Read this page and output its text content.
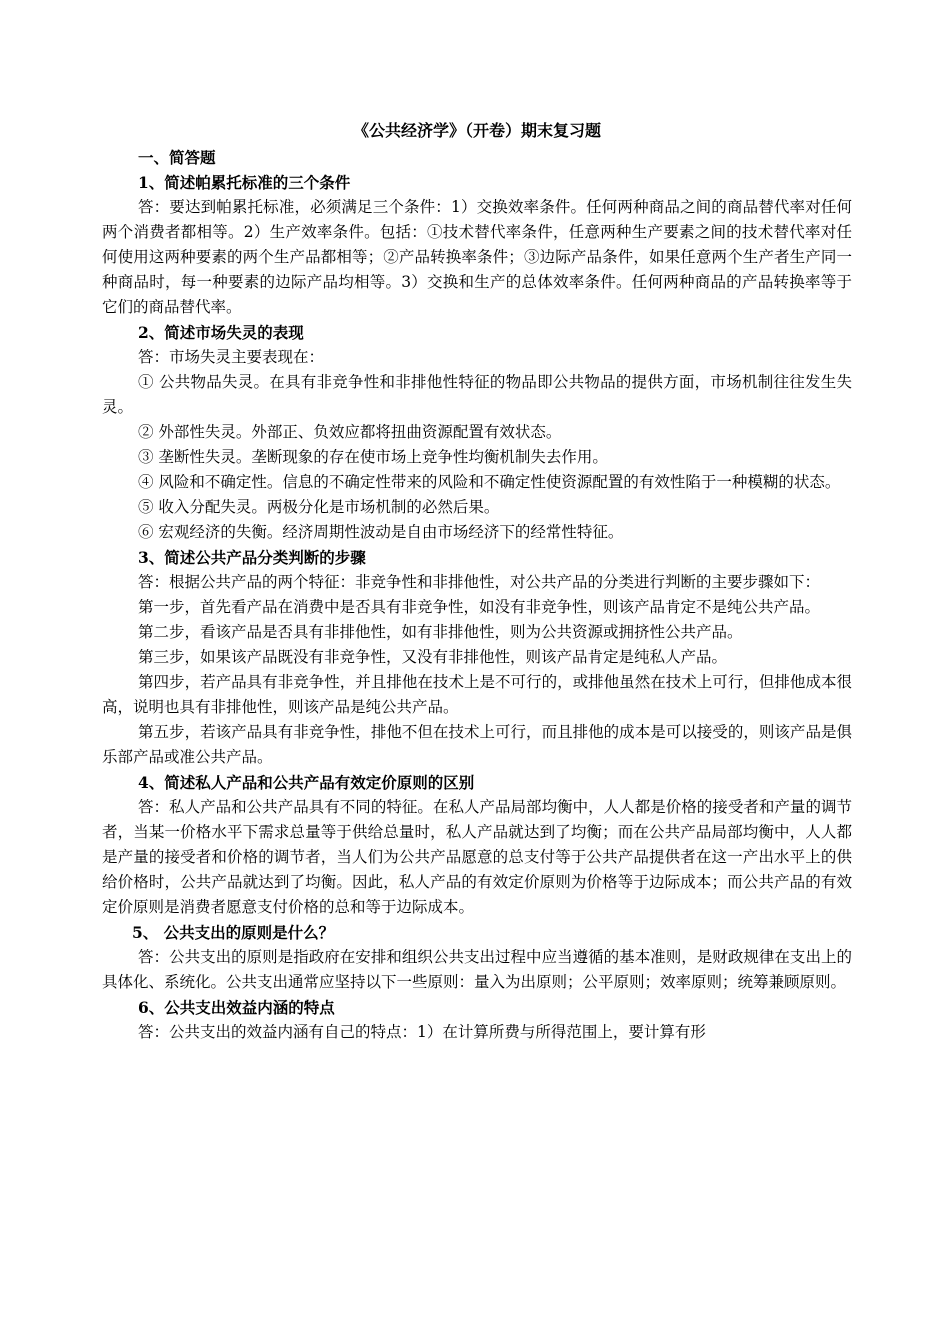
《公共经济学》（开卷）期末复习题

一、简答题

1、简述帕累托标准的三个条件

答：要达到帕累托标准，必须满足三个条件：1）交换效率条件。任何两种商品之间的商品替代率对任何两个消费者都相等。2）生产效率条件。包括：①技术替代率条件，任意两种生产要素之间的技术替代率对任何使用这两种要素的两个生产品都相等；②产品转换率条件；③边际产品条件，如果任意两个生产者生产同一种商品时，每一种要素的边际产品均相等。3）交换和生产的总体效率条件。任何两种商品的产品转换率等于它们的商品替代率。

2、简述市场失灵的表现

答：市场失灵主要表现在：

① 公共物品失灵。在具有非竞争性和非排他性特征的物品即公共物品的提供方面，市场机制往往发生失灵。

② 外部性失灵。外部正、负效应都将扭曲资源配置有效状态。

③ 垄断性失灵。垄断现象的存在使市场上竞争性均衡机制失去作用。

④ 风险和不确定性。信息的不确定性带来的风险和不确定性使资源配置的有效性陷于一种模糊的状态。

⑤ 收入分配失灵。两极分化是市场机制的必然后果。

⑥ 宏观经济的失衡。经济周期性波动是自由市场经济下的经常性特征。

3、简述公共产品分类判断的步骤

答：根据公共产品的两个特征：非竞争性和非排他性，对公共产品的分类进行判断的主要步骤如下：

第一步，首先看产品在消费中是否具有非竞争性，如没有非竞争性，则该产品肯定不是纯公共产品。

第二步，看该产品是否具有非排他性，如有非排他性，则为公共资源或拥挤性公共产品。

第三步，如果该产品既没有非竞争性，又没有非排他性，则该产品肯定是纯私人产品。

第四步，若产品具有非竞争性，并且排他在技术上是不可行的，或排他虽然在技术上可行，但排他成本很高，说明也具有非排他性，则该产品是纯公共产品。

第五步，若该产品具有非竞争性，排他不但在技术上可行，而且排他的成本是可以接受的，则该产品是俱乐部产品或准公共产品。

4、简述私人产品和公共产品有效定价原则的区别

答：私人产品和公共产品具有不同的特征。在私人产品局部均衡中，人人都是价格的接受者和产量的调节者，当某一价格水平下需求总量等于供给总量时，私人产品就达到了均衡；而在公共产品局部均衡中，人人都是产量的接受者和价格的调节者，当人们为公共产品愿意的总支付等于公共产品提供者在这一产出水平上的供给价格时，公共产品就达到了均衡。因此，私人产品的有效定价原则为价格等于边际成本；而公共产品的有效定价原则是消费者愿意支付价格的总和等于边际成本。

5、 公共支出的原则是什么？

答：公共支出的原则是指政府在安排和组织公共支出过程中应当遵循的基本准则，是财政规律在支出上的具体化、系统化。公共支出通常应坚持以下一些原则：量入为出原则；公平原则；效率原则；统筹兼顾原则。

6、公共支出效益内涵的特点

答：公共支出的效益内涵有自己的特点：1）在计算所费与所得范围上，要计算有形
